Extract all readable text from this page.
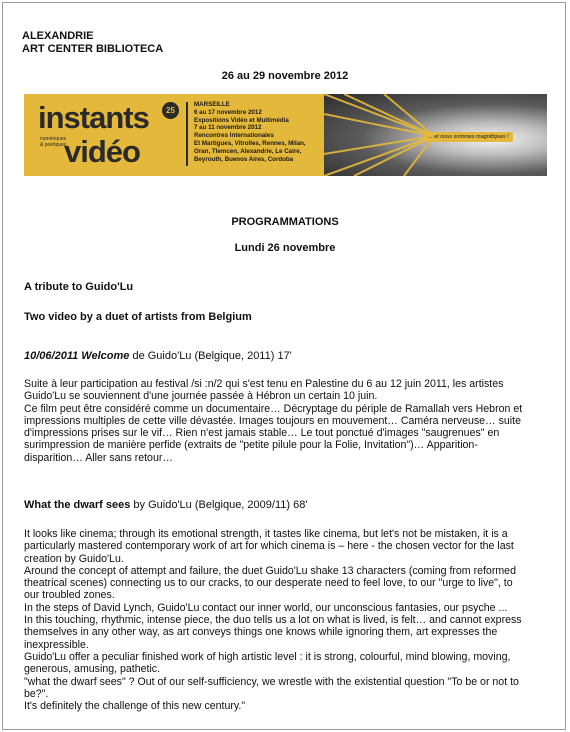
ALEXANDRIE
ART CENTER BIBLIOTECA
26 au 29 novembre 2012
instants
numériques & poétiques
vidéo
25
MARSEILLE
6 au 17 novembre 2012
Expositions Vidéo et Multimédia
7 au 11 novembre 2012
Rencontres Internationales
Et Martigues, Vitrolles, Rennes, Milan,
Oran, Tlemcen, Alexandrie, Le Caire,
Beyrouth, Buenos Aires, Cordoba
... et nous sommes magnifiques !
PROGRAMMATIONS
Lundi 26 novembre
A tribute to Guido'Lu
Two video by a duet of artists from Belgium
10/06/2011 Welcome de Guido'Lu (Belgique, 2011) 17'

Suite à leur participation au festival /si :n/2 qui s'est tenu en Palestine du 6 au 12 juin 2011, les artistes

Guido'Lu se souviennent d'une journée passée à Hébron un certain 10 juin.

Ce film peut être considéré comme un documentaire… Décryptage du périple de Ramallah vers Hebron et

impressions multiples de cette ville dévastée. Images toujours en mouvement… Caméra nerveuse… suite

d'impressions prises sur le vif… Rien n'est jamais stable… Le tout ponctué d'images "saugrenues" en

surimpression de manière perfide (extraits de "petite pilule pour la Folie, Invitation")… Apparition-

disparition… Aller sans retour…

What the dwarf sees by Guido'Lu (Belgique, 2009/11) 68'

It looks like cinema; through its emotional strength, it tastes like cinema, but let's not be mistaken, it is a

particularly mastered contemporary work of art for which cinema is – here - the chosen vector for the last

creation by Guido'Lu.

Around the concept of attempt and failure, the duet Guido'Lu shake 13 characters (coming from reformed

theatrical scenes) connecting us to our cracks, to our desperate need to feel love, to our "urge to live", to

our troubled zones.

In the steps of David Lynch, Guido'Lu contact our inner world, our unconscious fantasies, our psyche ...

In this touching, rhythmic, intense piece, the duo tells us a lot on what is lived, is felt… and cannot express

themselves in any other way, as art conveys things one knows while ignoring them, art expresses the

inexpressible.

Guido'Lu offer a peculiar finished work of high artistic level : it is strong, colourful, mind blowing, moving,

generous, amusing, pathetic.

"what the dwarf sees" ? Out of our self-sufficiency, we wrestle with the existential question "To be or not to

be?".

It's definitely the challenge of this new century."
